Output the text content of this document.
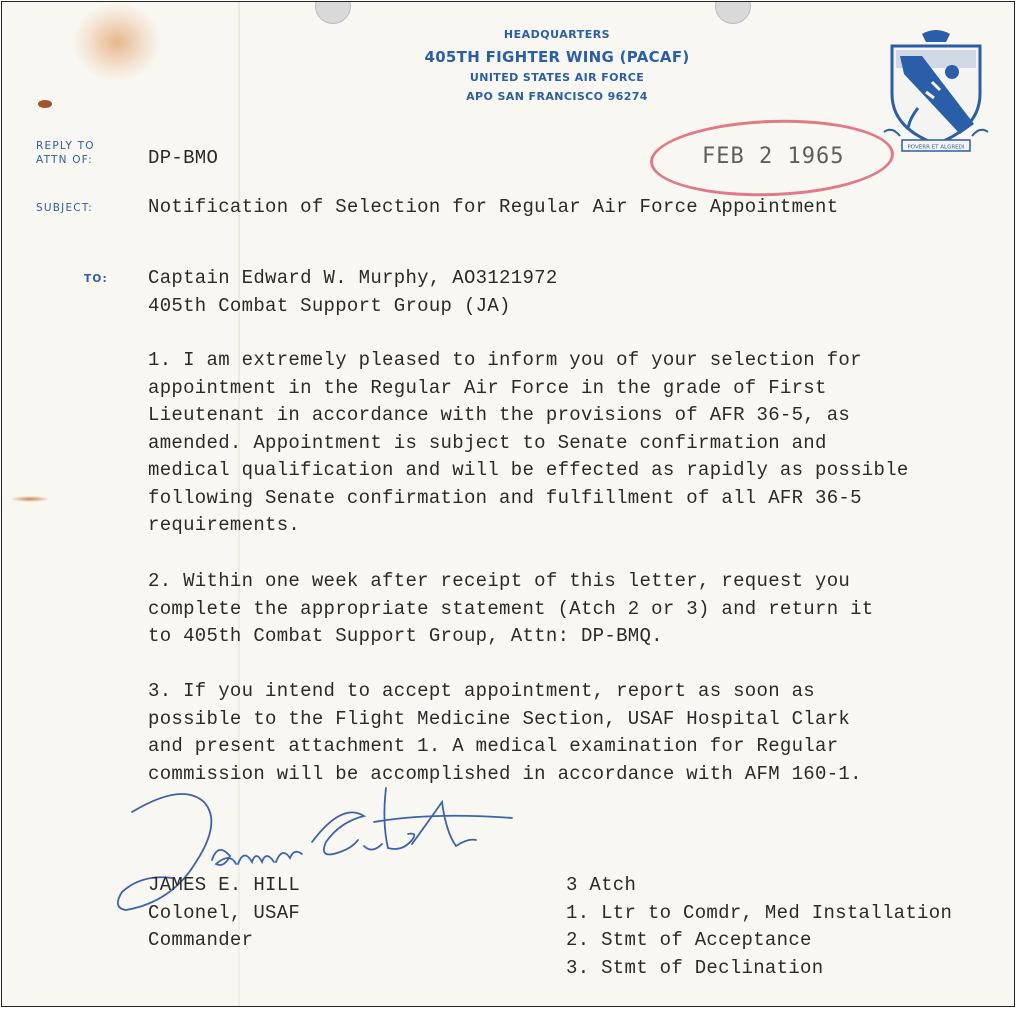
HEADQUARTERS
405TH FIGHTER WING (PACAF)
UNITED STATES AIR FORCE
APO SAN FRANCISCO 96274
POVERR ET ALGREDI
FEB 2 1965
REPLY TO
ATTN OF:	DP-BMO
SUBJECT:	Notification of Selection for Regular Air Force Appointment
TO: Captain Edward W. Murphy, AO3121972
405th Combat Support Group (JA)
1. I am extremely pleased to inform you of your selection for
appointment in the Regular Air Force in the grade of First
Lieutenant in accordance with the provisions of AFR 36-5, as
amended. Appointment is subject to Senate confirmation and
medical qualification and will be effected as rapidly as possible
following Senate confirmation and fulfillment of all AFR 36-5
requirements.
2. Within one week after receipt of this letter, request you
complete the appropriate statement (Atch 2 or 3) and return it
to 405th Combat Support Group, Attn: DP-BMQ.
3. If you intend to accept appointment, report as soon as
possible to the Flight Medicine Section, USAF Hospital Clark
and present attachment 1. A medical examination for Regular
commission will be accomplished in accordance with AFM 160-1.
JAMES E. HILL
Colonel, USAF
Commander
3 Atch
1. Ltr to Comdr, Med Installation
2. Stmt of Acceptance
3. Stmt of Declination
